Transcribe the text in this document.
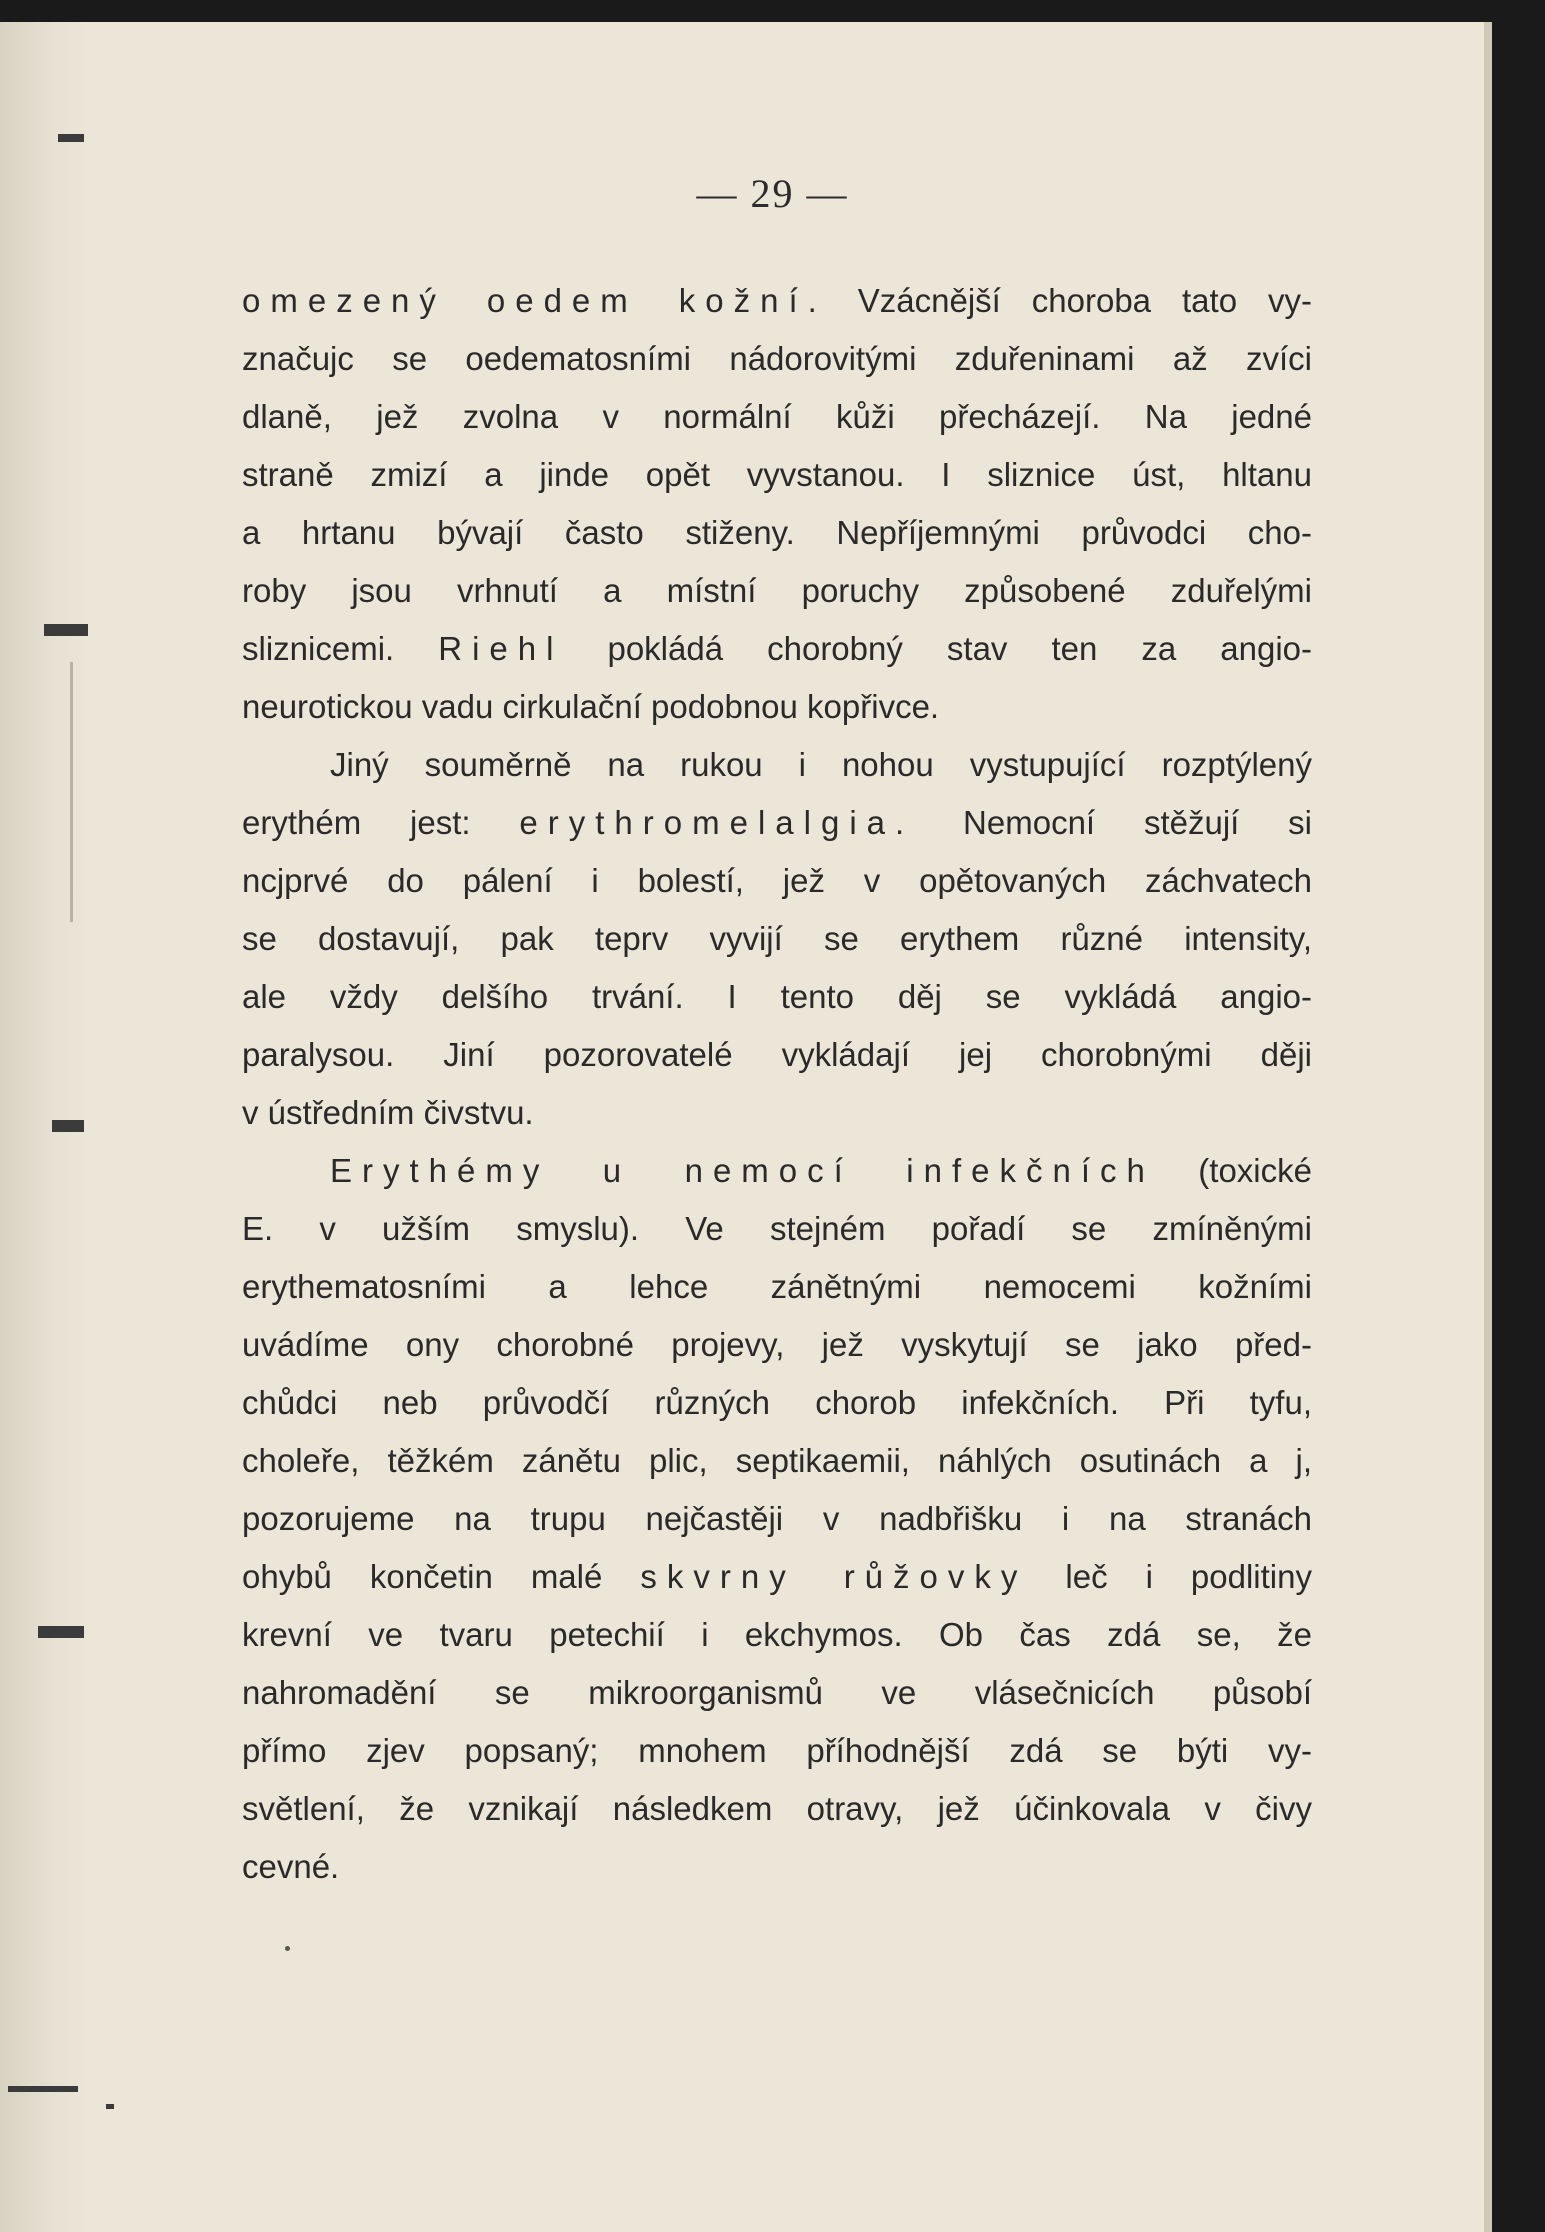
— 29 —
omezený oedem kožní. Vzácnější choroba tato vy-
značujc se oedematosními nádorovitými zduřeninami až zvíci
dlaně, jež zvolna v normální kůži přecházejí. Na jedné
straně zmizí a jinde opět vyvstanou. I sliznice úst, hltanu
a hrtanu bývají často stiženy. Nepříjemnými průvodci cho-
roby jsou vrhnutí a místní poruchy způsobené zduřelými
sliznicemi. Riehl pokládá chorobný stav ten za angio-
neurotickou vadu cirkulační podobnou kopřivce.
Jiný souměrně na rukou i nohou vystupující rozptýlený
erythém jest: erythromelalgia. Nemocní stěžují si
ncjprvé do pálení i bolestí, jež v opětovaných záchvatech
se dostavují, pak teprv vyvijí se erythem různé intensity,
ale vždy delšího trvání. I tento děj se vykládá angio-
paralysou. Jiní pozorovatelé vykládají jej chorobnými ději
v ústředním čivstvu.
Erythémy u nemocí infekčních (toxické
E. v užším smyslu). Ve stejném pořadí se zmíněnými
erythematosními a lehce zánětnými nemocemi kožními
uvádíme ony chorobné projevy, jež vyskytují se jako před-
chůdci neb průvodčí různých chorob infekčních. Při tyfu,
choleře, těžkém zánětu plic, septikaemii, náhlých osutinách a j,
pozorujeme na trupu nejčastěji v nadbřišku i na stranách
ohybů končetin malé skvrny růžovky leč i podlitiny
krevní ve tvaru petechií i ekchymos. Ob čas zdá se, že
nahromadění se mikroorganismů ve vlásečnicích působí
přímo zjev popsaný; mnohem příhodnější zdá se býti vy-
světlení, že vznikají následkem otravy, jež účinkovala v čivy
cevné.
